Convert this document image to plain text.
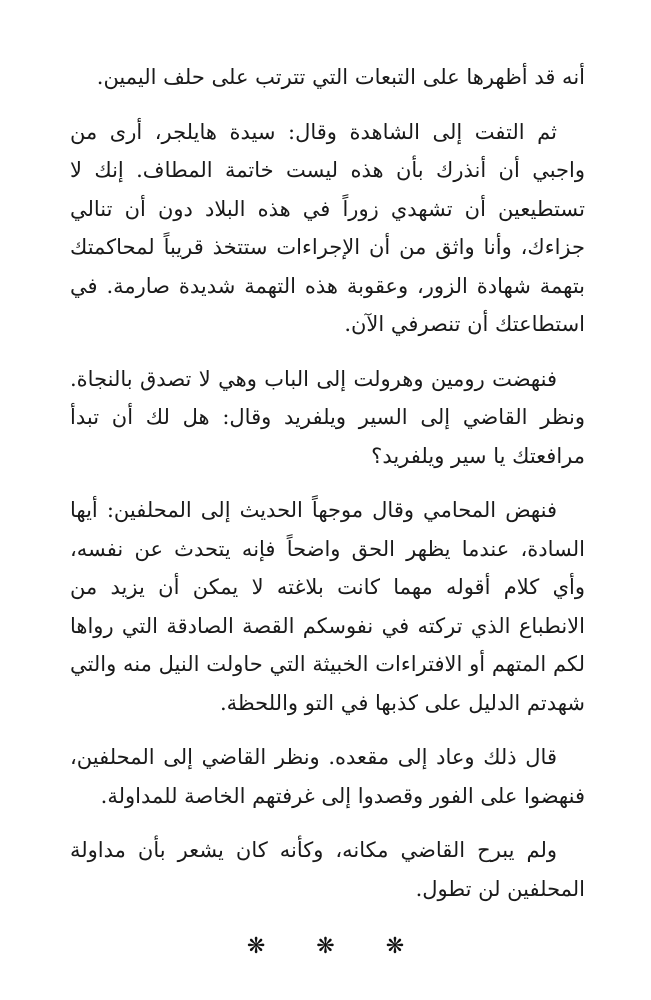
أنه قد أظهرها على التبعات التي تترتب على حلف اليمين.

ثم التفت إلى الشاهدة وقال: سيدة هايلجر، أرى من واجبي أن أنذرك بأن هذه ليست خاتمة المطاف. إنك لا تستطيعين أن تشهدي زوراً في هذه البلاد دون أن تنالي جزاءك، وأنا واثق من أن الإجراءات ستتخذ قريباً لمحاكمتك بتهمة شهادة الزور، وعقوبة هذه التهمة شديدة صارمة. في استطاعتك أن تنصرفي الآن.

فنهضت رومين وهرولت إلى الباب وهي لا تصدق بالنجاة. ونظر القاضي إلى السير ويلفريد وقال: هل لك أن تبدأ مرافعتك يا سير ويلفريد؟

فنهض المحامي وقال موجهاً الحديث إلى المحلفين: أيها السادة، عندما يظهر الحق واضحاً فإنه يتحدث عن نفسه، وأي كلام أقوله مهما كانت بلاغته لا يمكن أن يزيد من الانطباع الذي تركته في نفوسكم القصة الصادقة التي رواها لكم المتهم أو الافتراءات الخبيثة التي حاولت النيل منه والتي شهدتم الدليل على كذبها في التو واللحظة.

قال ذلك وعاد إلى مقعده. ونظر القاضي إلى المحلفين، فنهضوا على الفور وقصدوا إلى غرفتهم الخاصة للمداولة.

ولم يبرح القاضي مكانه، وكأنه كان يشعر بأن مداولة المحلفين لن تطول.

❋ ❋ ❋
